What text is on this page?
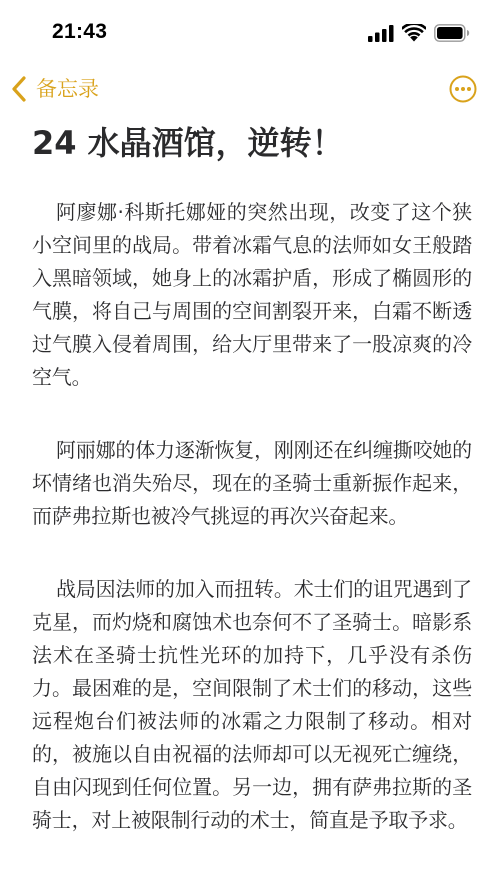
21:43
备忘录
24 水晶酒馆，逆转！

阿廖娜·科斯托娜娅的突然出现，改变了这个狭小空间里的战局。带着冰霜气息的法师如女王般踏入黑暗领域，她身上的冰霜护盾，形成了椭圆形的气膜，将自己与周围的空间割裂开来，白霜不断透过气膜入侵着周围，给大厅里带来了一股凉爽的冷空气。

阿丽娜的体力逐渐恢复，刚刚还在纠缠撕咬她的坏情绪也消失殆尽，现在的圣骑士重新振作起来，而萨弗拉斯也被冷气挑逗的再次兴奋起来。

战局因法师的加入而扭转。术士们的诅咒遇到了克星，而灼烧和腐蚀术也奈何不了圣骑士。暗影系法术在圣骑士抗性光环的加持下，几乎没有杀伤力。最困难的是，空间限制了术士们的移动，这些远程炮台们被法师的冰霜之力限制了移动。相对的，被施以自由祝福的法师却可以无视死亡缠绕，自由闪现到任何位置。另一边，拥有萨弗拉斯的圣骑士，对上被限制行动的术士，简直是予取予求。
